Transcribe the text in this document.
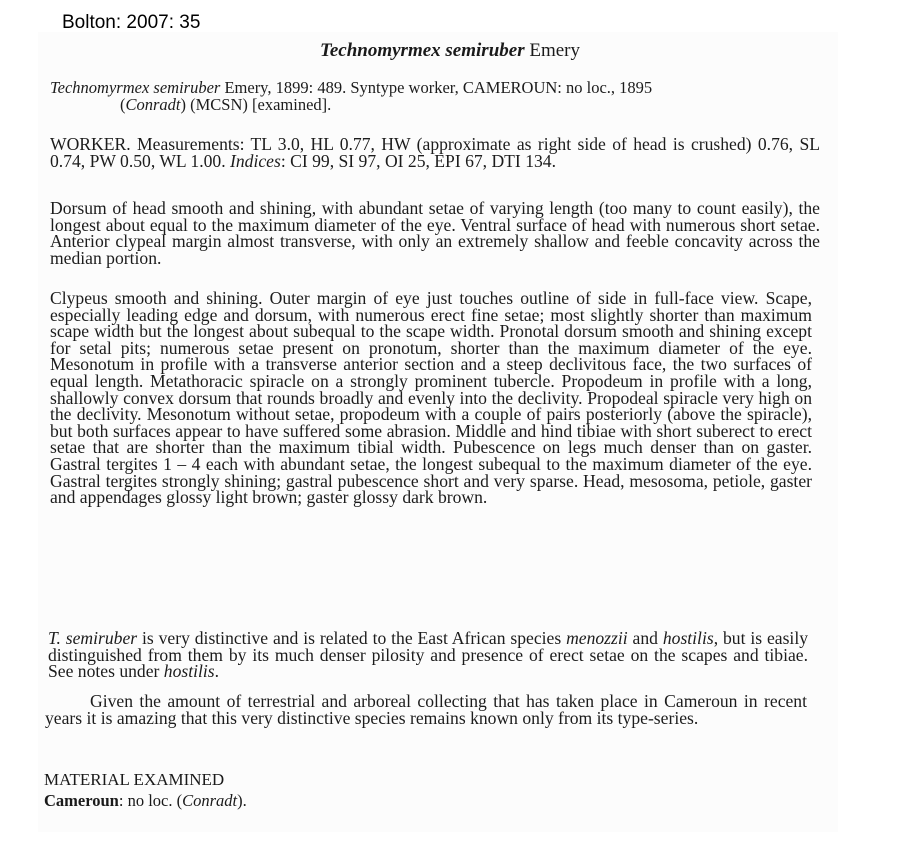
Bolton: 2007: 35
Technomyrmex semiruber Emery
Technomyrmex semiruber Emery, 1899: 489. Syntype worker, CAMEROUN: no loc., 1895
(Conradt) (MCSN) [examined].
WORKER. Measurements: TL 3.0, HL 0.77, HW (approximate as right side of head is crushed) 0.76, SL 0.74, PW 0.50, WL 1.00. Indices: CI 99, SI 97, OI 25, EPI 67, DTI 134.
Dorsum of head smooth and shining, with abundant setae of varying length (too many to count easily), the longest about equal to the maximum diameter of the eye. Ventral surface of head with numerous short setae. Anterior clypeal margin almost transverse, with only an extremely shallow and feeble concavity across the median portion.
Clypeus smooth and shining. Outer margin of eye just touches outline of side in full-face view. Scape, especially leading edge and dorsum, with numerous erect fine setae; most slightly shorter than maximum scape width but the longest about subequal to the scape width. Pronotal dorsum smooth and shining except for setal pits; numerous setae present on pronotum, shorter than the maximum diameter of the eye. Mesonotum in profile with a transverse anterior section and a steep declivitous face, the two surfaces of equal length. Metathoracic spiracle on a strongly prominent tubercle. Propodeum in profile with a long, shallowly convex dorsum that rounds broadly and evenly into the declivity. Propodeal spiracle very high on the declivity. Mesonotum without setae, propodeum with a couple of pairs posteriorly (above the spiracle), but both surfaces appear to have suffered some abrasion. Middle and hind tibiae with short suberect to erect setae that are shorter than the maximum tibial width. Pubescence on legs much denser than on gaster. Gastral tergites 1 – 4 each with abundant setae, the longest subequal to the maximum diameter of the eye. Gastral tergites strongly shining; gastral pubescence short and very sparse. Head, mesosoma, petiole, gaster and appendages glossy light brown; gaster glossy dark brown.
T. semiruber is very distinctive and is related to the East African species menozzii and hostilis, but is easily distinguished from them by its much denser pilosity and presence of erect setae on the scapes and tibiae. See notes under hostilis.
Given the amount of terrestrial and arboreal collecting that has taken place in Cameroun in recent years it is amazing that this very distinctive species remains known only from its type-series.
MATERIAL EXAMINED
Cameroun: no loc. (Conradt).
